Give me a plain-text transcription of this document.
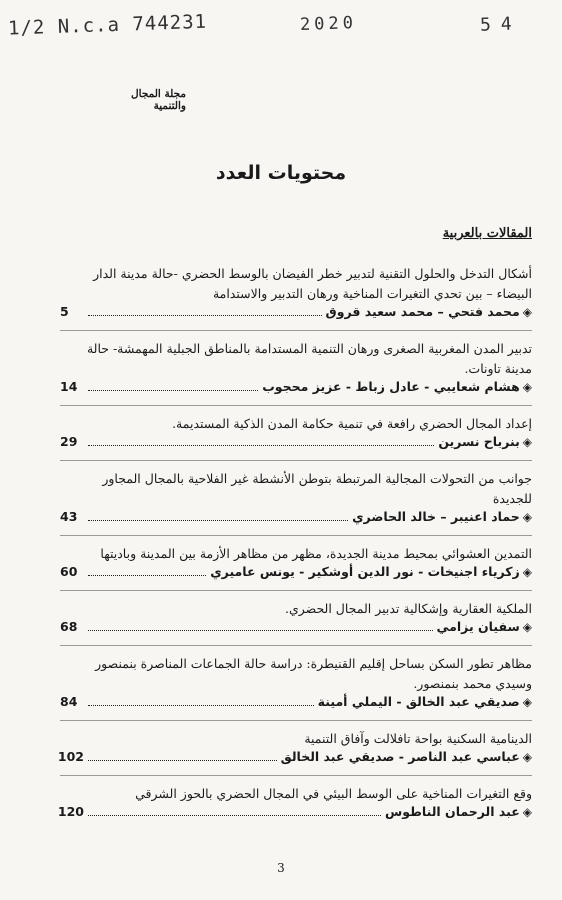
1/2 N.c.a 744231	2020	54
مجلة المجال والتنمية
محتويات العدد
المقالات بالعربية
أشكال التدخل والحلول التقنية لتدبير خطر الفيضان بالوسط الحضري -حالة مدينة الدار البيضاء – بين تحدي التغيرات المناخية ورهان التدبير والاستدامة
◈
محمد فتحي – محمد سعيد قروق
5
تدبير المدن المغربية الصغرى ورهان التنمية المستدامة بالمناطق الجبلية المهمشة- حالة مدينة تاونات.
◈
هشام شعايبي - عادل زباط - عزيز محجوب
14
إعداد المجال الحضري رافعة في تنمية حكامة المدن الذكية المستديمة.
◈
بنرباح نسرين
29
جوانب من التحولات المجالية المرتبطة بتوطن الأنشطة غير الفلاحية بالمجال المجاور للجديدة
◈
حماد اعنيبر – خالد الحاضري
43
التمدين العشوائي بمحيط مدينة الجديدة، مظهر من مظاهر الأزمة بين المدينة وباديتها
◈
زكرياء اجنيخات - نور الدين أوشكير - يونس عاميري
60
الملكية العقارية وإشكالية تدبير المجال الحضري.
◈
سفيان يزامي
68
مظاهر تطور السكن بساحل إقليم القنيطرة: دراسة حالة الجماعات المناصرة بنمنصور وسيدي محمد بنمنصور.
◈
صديقي عبد الخالق - اليملي أمينة
84
الدينامية السكنية بواحة تافلالت وآفاق التنمية
◈
عباسي عبد الناصر - صديقي عبد الخالق
102
وقع التغيرات المناخية على الوسط البيئي في المجال الحضري بالحوز الشرقي
◈
عبد الرحمان الناطوس
120
3
